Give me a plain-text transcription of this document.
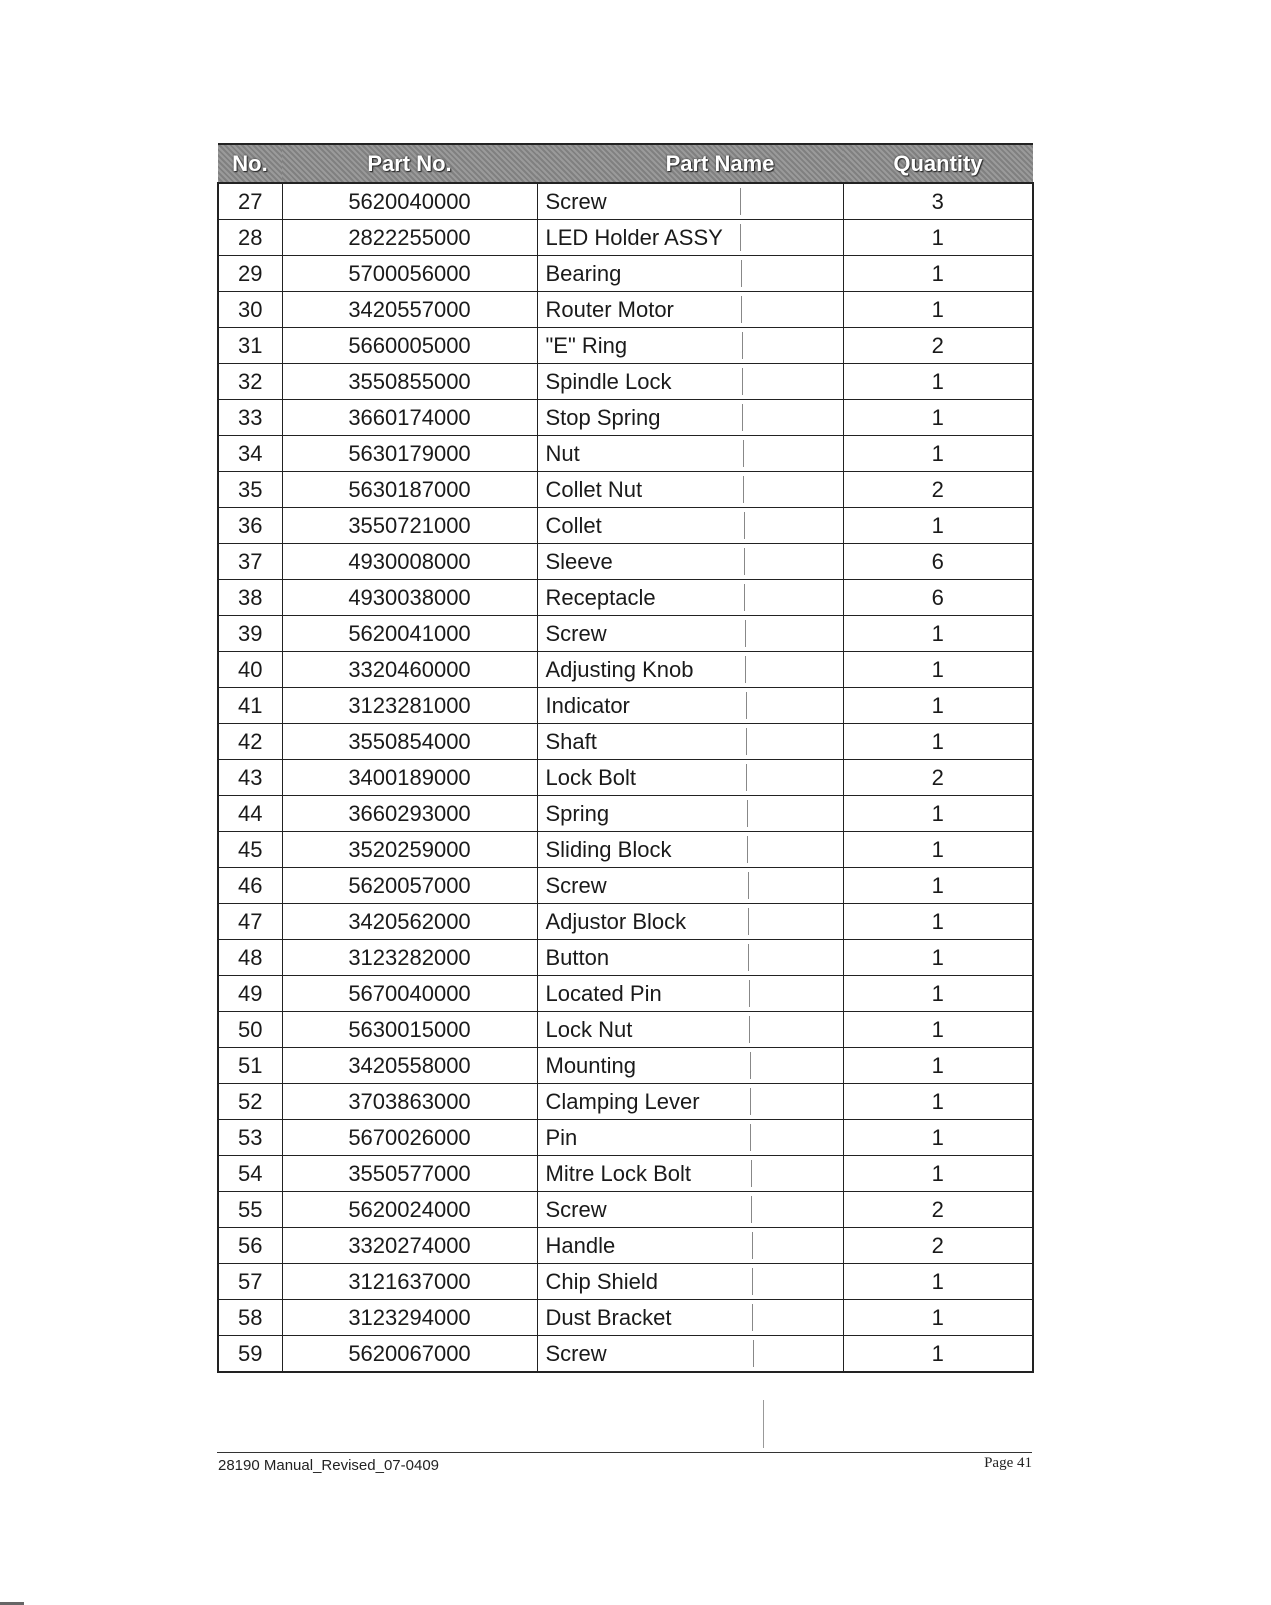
No.	Part No.	Part Name	Quantity
27	5620040000	Screw	3
28	2822255000	LED Holder ASSY	1
29	5700056000	Bearing	1
30	3420557000	Router Motor	1
31	5660005000	"E" Ring	2
32	3550855000	Spindle Lock	1
33	3660174000	Stop Spring	1
34	5630179000	Nut	1
35	5630187000	Collet Nut	2
36	3550721000	Collet	1
37	4930008000	Sleeve	6
38	4930038000	Receptacle	6
39	5620041000	Screw	1
40	3320460000	Adjusting Knob	1
41	3123281000	Indicator	1
42	3550854000	Shaft	1
43	3400189000	Lock Bolt	2
44	3660293000	Spring	1
45	3520259000	Sliding Block	1
46	5620057000	Screw	1
47	3420562000	Adjustor Block	1
48	3123282000	Button	1
49	5670040000	Located Pin	1
50	5630015000	Lock Nut	1
51	3420558000	Mounting	1
52	3703863000	Clamping Lever	1
53	5670026000	Pin	1
54	3550577000	Mitre Lock Bolt	1
55	5620024000	Screw	2
56	3320274000	Handle	2
57	3121637000	Chip Shield	1
58	3123294000	Dust Bracket	1
59	5620067000	Screw	1
28190 Manual_Revised_07-0409	Page 41
